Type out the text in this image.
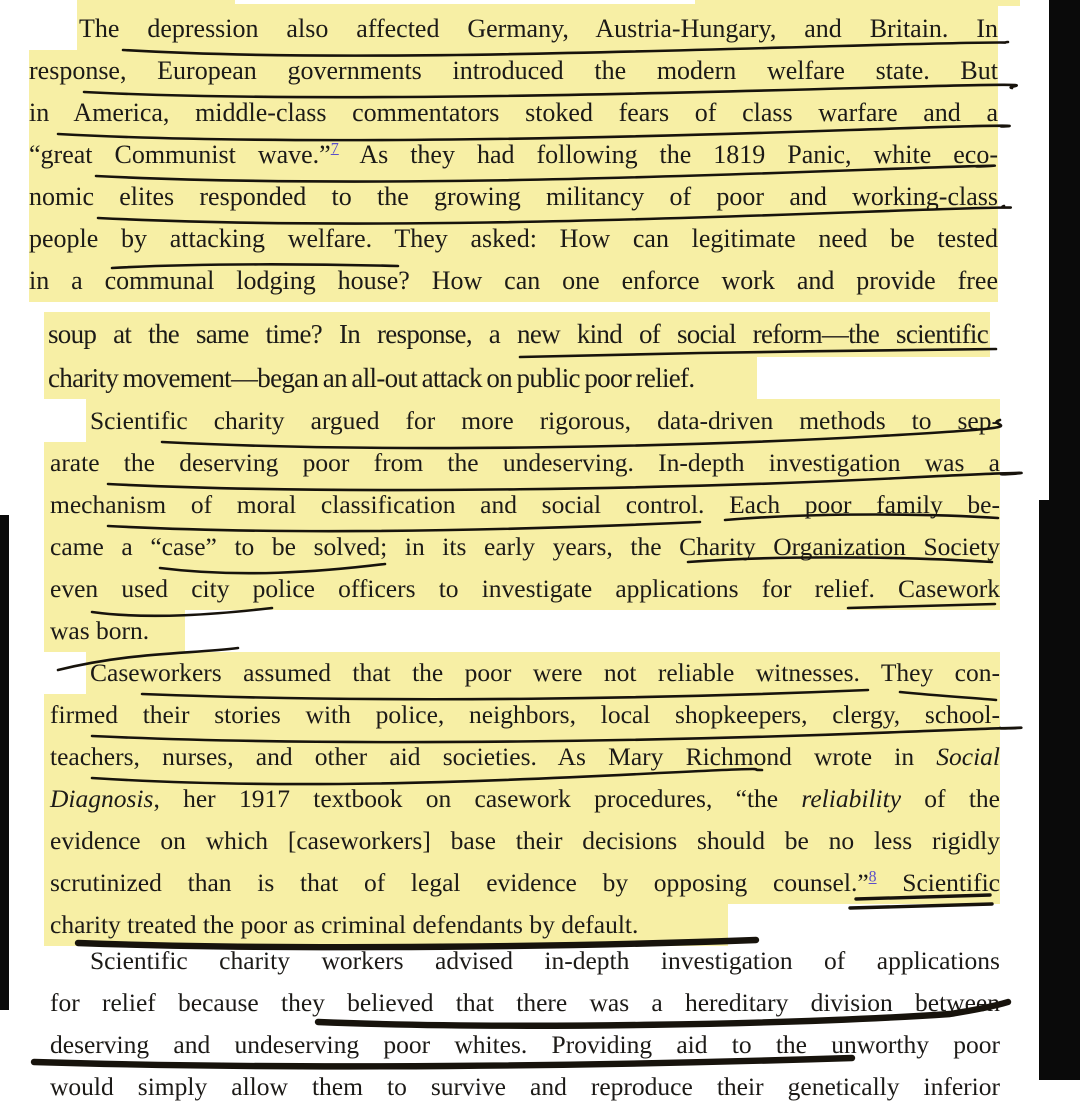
The depression also affected Germany, Austria-Hungary, and Britain. In
response, European governments introduced the modern welfare state. But
in America, middle-class commentators stoked fears of class warfare and a
“great Communist wave.”$^7$ As they had following the 1819 Panic, white eco-
nomic elites responded to the growing militancy of poor and working-class
people by attacking welfare. They asked: How can legitimate need be tested
in a communal lodging house? How can one enforce work and provide free
soup at the same time? In response, a new kind of social reform—the scientific
charity movement—began an all-out attack on public poor relief.
Scientific charity argued for more rigorous, data-driven methods to sep-
arate the deserving poor from the undeserving. In-depth investigation was a
mechanism of moral classification and social control. Each poor family be-
came a “case” to be solved; in its early years, the Charity Organization Society
even used city police officers to investigate applications for relief. Casework
was born.
Caseworkers assumed that the poor were not reliable witnesses. They con-
firmed their stories with police, neighbors, local shopkeepers, clergy, school-
teachers, nurses, and other aid societies. As Mary Richmond wrote in Social
Diagnosis, her 1917 textbook on casework procedures, “the reliability of the
evidence on which [caseworkers] base their decisions should be no less rigidly
scrutinized than is that of legal evidence by opposing counsel.”$^8$ Scientific
charity treated the poor as criminal defendants by default.
Scientific charity workers advised in-depth investigation of applications
for relief because they believed that there was a hereditary division between
deserving and undeserving poor whites. Providing aid to the unworthy poor
would simply allow them to survive and reproduce their genetically inferior
